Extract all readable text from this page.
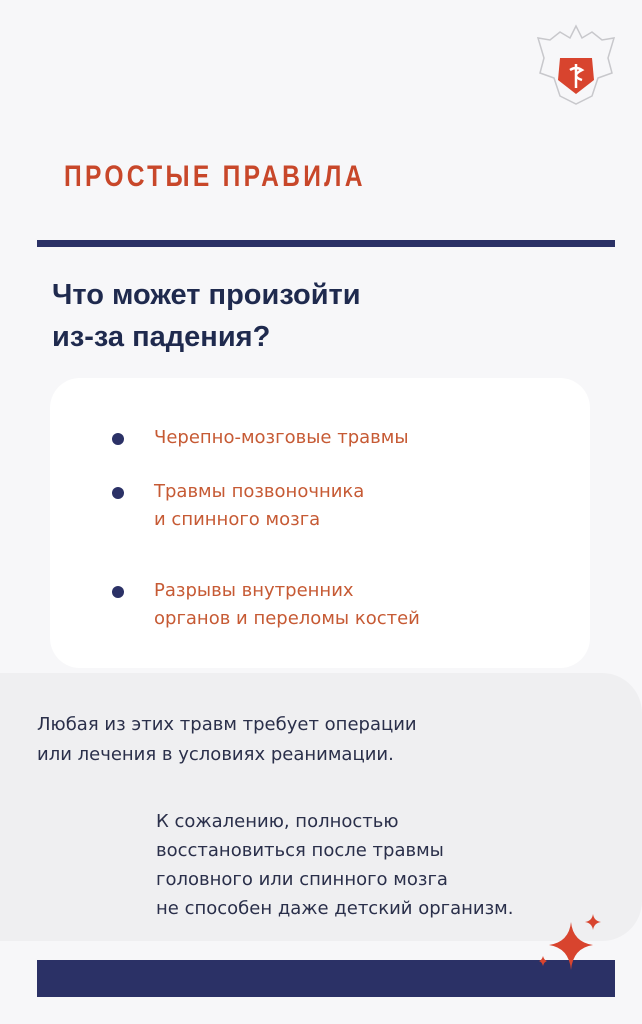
ПРОСТЫЕ ПРАВИЛА
Что может произойти
из-за падения?
Черепно-мозговые травмы
Травмы позвоночника
и спинного мозга
Разрывы внутренних
органов и переломы костей
Любая из этих травм требует операции
или лечения в условиях реанимации.
К сожалению, полностью
восстановиться после травмы
головного или спинного мозга
не способен даже детский организм.
